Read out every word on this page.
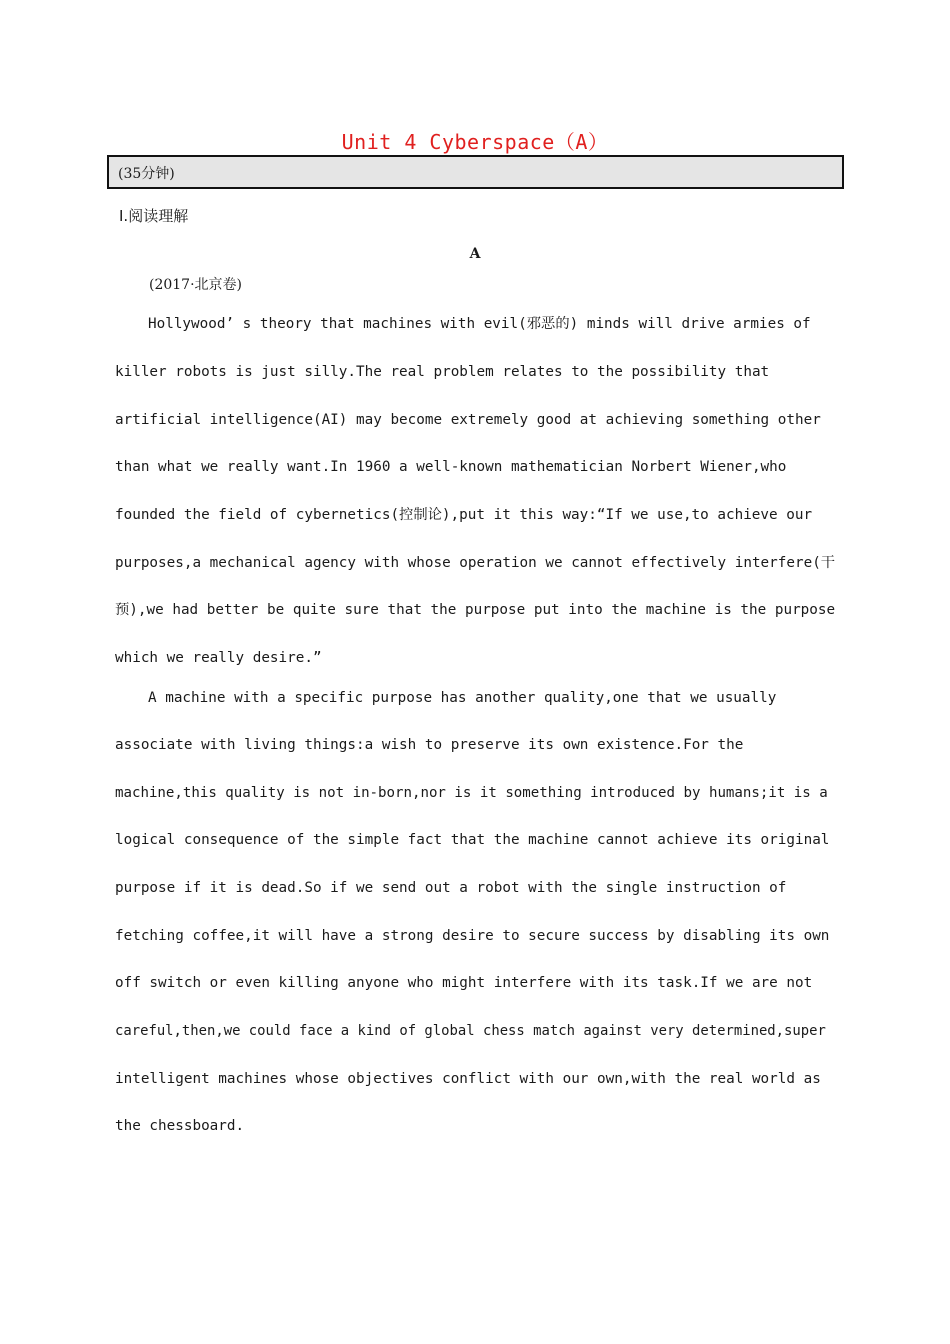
Unit 4 Cyberspace（A）
(35分钟)
Ⅰ.阅读理解
A
(2017·北京卷)
Hollywood’ s theory that machines with evil(邪恶的) minds will drive armies of
killer robots is just silly.The real problem relates to the possibility that
artificial intelligence(AI) may become extremely good at achieving something other
than what we really want.In 1960 a well-known mathematician Norbert Wiener,who
founded the field of cybernetics(控制论),put it this way:“If we use,to achieve our
purposes,a mechanical agency with whose operation we cannot effectively interfere(干
预),we had better be quite sure that the purpose put into the machine is the purpose
which we really desire.”
A machine with a specific purpose has another quality,one that we usually
associate with living things:a wish to preserve its own existence.For the
machine,this quality is not in-born,nor is it something introduced by humans;it is a
logical consequence of the simple fact that the machine cannot achieve its original
purpose if it is dead.So if we send out a robot with the single instruction of
fetching coffee,it will have a strong desire to secure success by disabling its own
off switch or even killing anyone who might interfere with its task.If we are not
careful,then,we could face a kind of global chess match against very determined,super
intelligent machines whose objectives conflict with our own,with the real world as
the chessboard.
